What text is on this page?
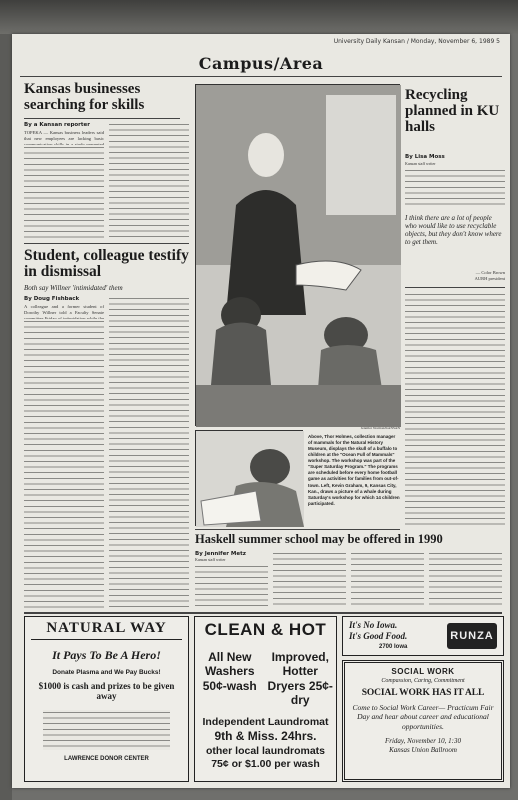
University Daily Kansan / Monday, November 6, 1989 5
Campus/Area
Kansas businesses searching for skills
By a Kansan reporter
TOPEKA — Kansas business leaders said that new employees are lacking basic
Student, colleague testify in dismissal
Both say Willner 'intimidated' them
By Doug Fishback
A colleague and a former student of Dorothy Willner told a Faculty Senate
Above, Thor Holmes, collection manager of mammals for the Natural History Museum, displays the skull of a buffalo to children at the "Ocean Full of Mammals" workshop. The workshop was part of the "Super Saturday Program." The programs are scheduled before every home football game as activities for families from out-of-town. Left, Kevin Graham, 9, Kansas City, Kan., draws a picture of a whale during Saturday's workshop for which 14 children participated.
Jennifer Norman/KANSAN
Haskell summer school may be offered in 1990
By Jennifer Metz
Kansan staff writer
Recycling planned in KU halls
By Lisa Moss
Kansan staff writer
I think there are a lot of people who would like to use recyclable objects, but they don't know where to get them.
— Color Brown
AURH president
NATURAL WAY
It Pays To Be A Hero!
Donate Plasma and We Pay Bucks!
$1000 is cash and prizes to be given away
LAWRENCE DONOR CENTER
CLEAN & HOT
All New Washers 50¢-wash
Improved, Hotter Dryers 25¢-dry
Independent Laundromat
9th & Miss. 24hrs.
other local laundromats
75¢ or $1.00 per wash
It's No Iowa.
It's Good Food.
2700 Iowa
RUNZA
SOCIAL WORK
Compassion, Caring, Commitment
SOCIAL WORK HAS IT ALL
Come to Social Work Career— Practicum Fair Day and hear about career and educational opportunities.
Friday, November 10, 1:30
Kansas Union Ballroom
